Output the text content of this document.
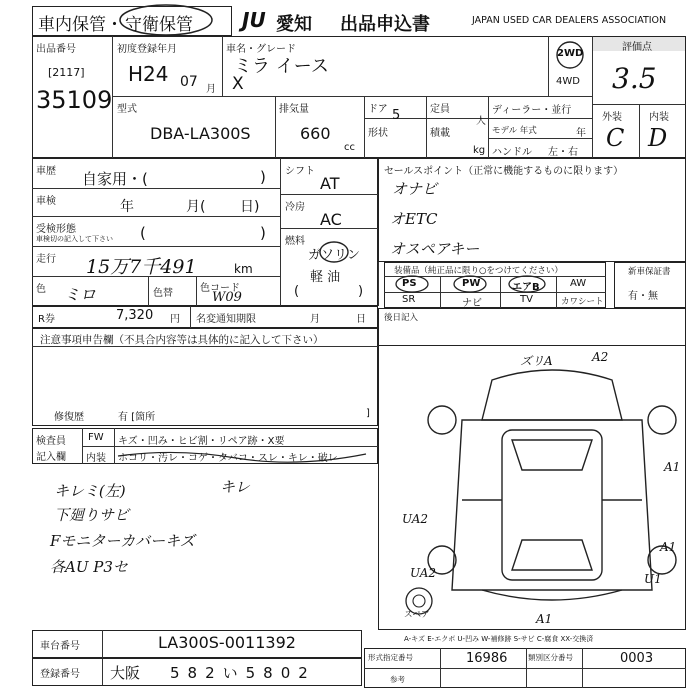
車内保管・ 守衛保管 JU 愛知 出品申込書	JAPAN USED CAR DEALERS ASSOCIATION
出品番号
[2117]
35109
初度登録年月
H24 07 月
車名・グレード
ミラ イース
X
2WD
4WD
評価点
3.5
外装	内装
C D
型式
DBA-LA300S
排気量
660
cc
ドア 5	定員
人
形状	積載
kg
ディーラー・並行
モデル 年式	年
ハンドル 左・右
車歴 自家用・(	)
車検	年	月( 日)
受検形態
車検切の記入して下さい (	)
走行 15万7千491	km
色 ミロ	色替	色コード
W09
シフト
AT
冷房
AC
燃料
ガソリン
軽 油
(	)
セールスポイント（正常に機能するものに限ります）
オナビ
オETC
オスペアキー
装備品（純正品に限り○をつけてください）
PS	PW	エアB	AW
SR	ナビ	TV	カワシート
新車保証書
有・無
R券	7,320 円 名変通知期限	月	日 後日記入
注意事項申告欄（不具合内容等は具体的に記入して下さい）
修復歴	有 [箇所	]
検査員
記入欄
FW キズ・凹み・ヒビ割・リペア跡・X要
内装 ホコリ・汚レ・コゲ・タバコ・スレ・キレ・破レ
キレミ(左)	キレ
下廻りサビ
Fモニターカバーキズ
各AU P3セ
ズリA	A2
A1
UA2
A1
UA2	U1
A1
スペア
A-キズ E-エクボ U-凹み W-補修跡 S-サビ C-腐食 XX-交換済
車台番号	LA300S-0011392
登録番号 大阪 582い5802
形式指定番号	16986	類別区分番号	0003
参考
